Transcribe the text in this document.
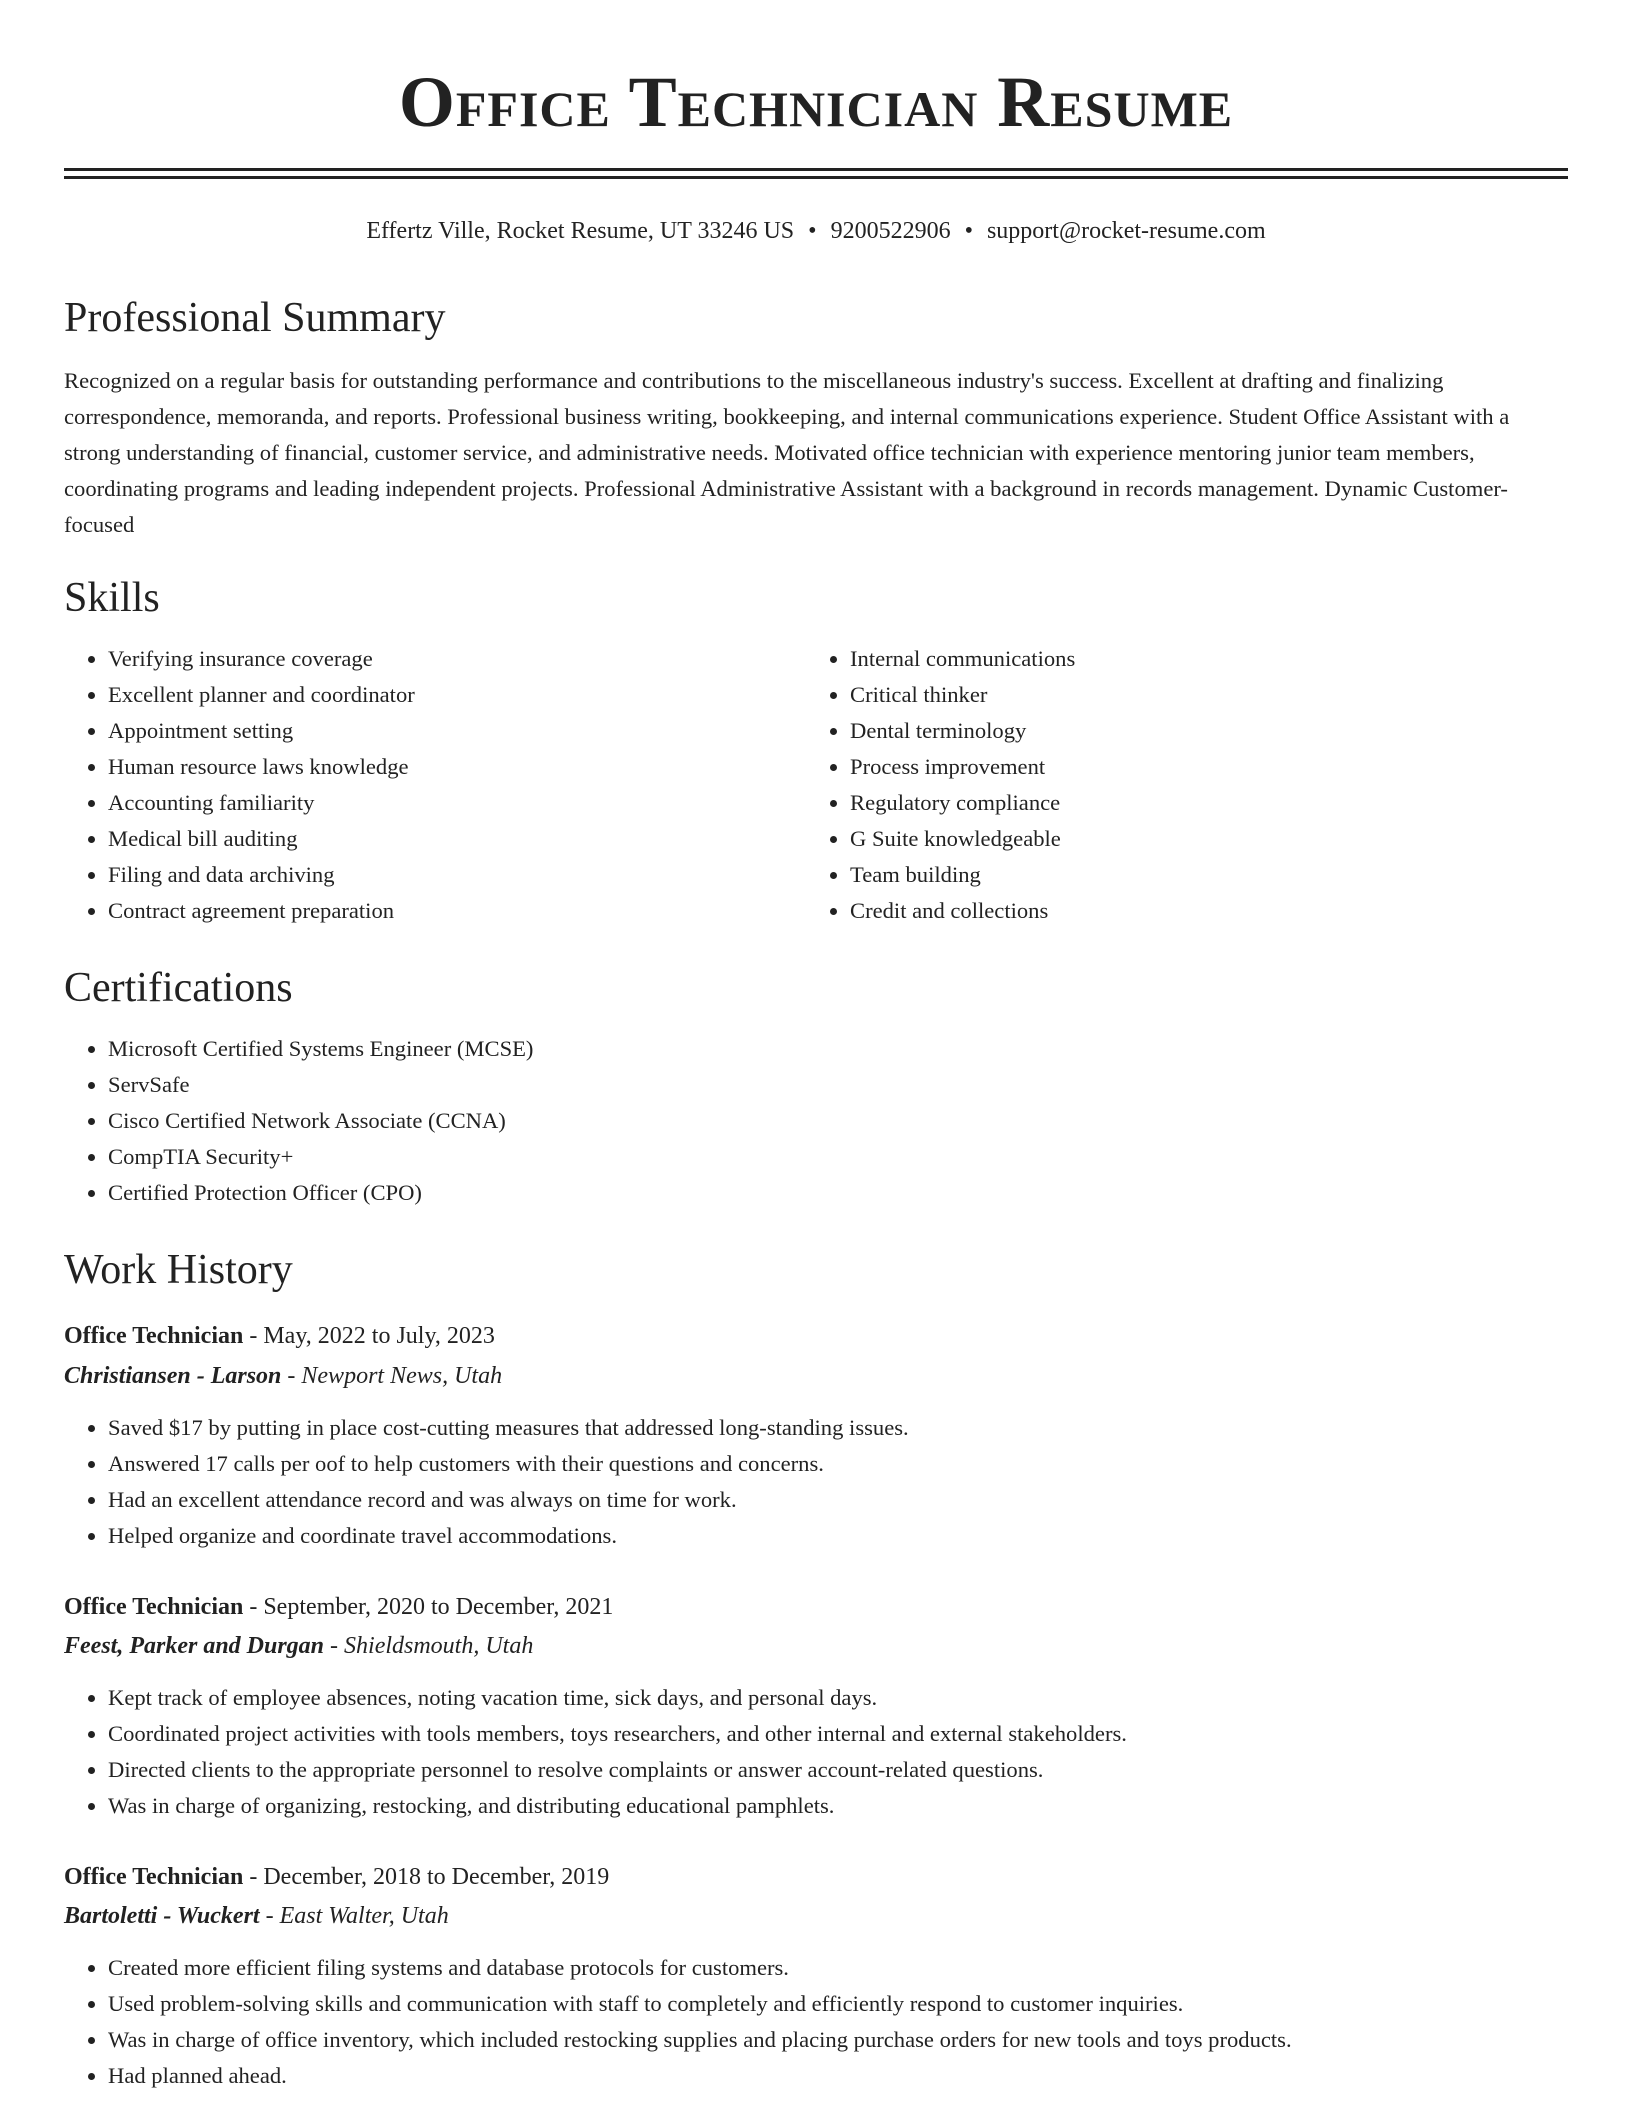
Office Technician Resume
Effertz Ville, Rocket Resume, UT 33246 US • 9200522906 • support@rocket-resume.com
Professional Summary

Recognized on a regular basis for outstanding performance and contributions to the miscellaneous industry's success. Excellent at drafting and finalizing correspondence, memoranda, and reports. Professional business writing, bookkeeping, and internal communications experience. Student Office Assistant with a strong understanding of financial, customer service, and administrative needs. Motivated office technician with experience mentoring junior team members, coordinating programs and leading independent projects. Professional Administrative Assistant with a background in records management. Dynamic Customer-focused

Skills
• Verifying insurance coverage
• Excellent planner and coordinator
• Appointment setting
• Human resource laws knowledge
• Accounting familiarity
• Medical bill auditing
• Filing and data archiving
• Contract agreement preparation
• Internal communications
• Critical thinker
• Dental terminology
• Process improvement
• Regulatory compliance
• G Suite knowledgeable
• Team building
• Credit and collections
Certifications
• Microsoft Certified Systems Engineer (MCSE)
• ServSafe
• Cisco Certified Network Associate (CCNA)
• CompTIA Security+
• Certified Protection Officer (CPO)
Work History
Office Technician - May, 2022 to July, 2023
Christiansen - Larson - Newport News, Utah
• Saved $17 by putting in place cost-cutting measures that addressed long-standing issues.
• Answered 17 calls per oof to help customers with their questions and concerns.
• Had an excellent attendance record and was always on time for work.
• Helped organize and coordinate travel accommodations.
Office Technician - September, 2020 to December, 2021
Feest, Parker and Durgan - Shieldsmouth, Utah
• Kept track of employee absences, noting vacation time, sick days, and personal days.
• Coordinated project activities with tools members, toys researchers, and other internal and external stakeholders.
• Directed clients to the appropriate personnel to resolve complaints or answer account-related questions.
• Was in charge of organizing, restocking, and distributing educational pamphlets.
Office Technician - December, 2018 to December, 2019
Bartoletti - Wuckert - East Walter, Utah
• Created more efficient filing systems and database protocols for customers.
• Used problem-solving skills and communication with staff to completely and efficiently respond to customer inquiries.
• Was in charge of office inventory, which included restocking supplies and placing purchase orders for new tools and toys products.
• Had planned ahead.
